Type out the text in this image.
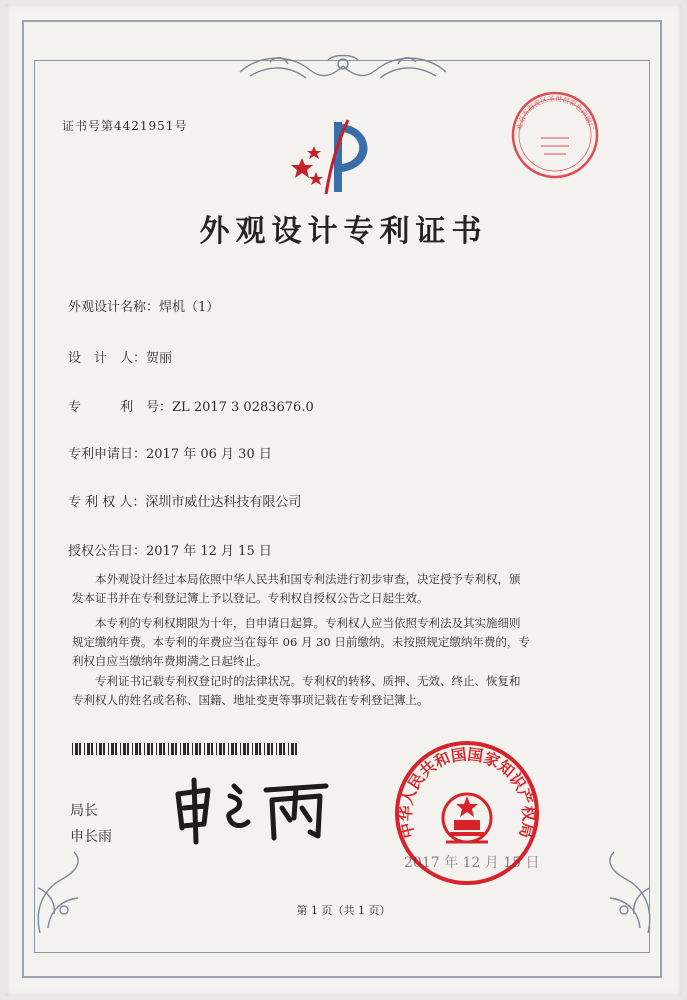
证书号第4421951号
外观设计专利证书
外观设计名称：焊机（1）
设　计　人：贺丽
专　　　利　号：ZL 2017 3 0283676.0
专利申请日：2017 年 06 月 30 日
专 利 权 人：深圳市威仕达科技有限公司
授权公告日：2017 年 12 月 15 日
　　本外观设计经过本局依照中华人民共和国专利法进行初步审查，决定授予专利权，颁
发本证书并在专利登记簿上予以登记。专利权自授权公告之日起生效。
　　本专利的专利权期限为十年，自申请日起算。专利权人应当依照专利法及其实施细则
规定缴纳年费。本专利的年费应当在每年 06 月 30 日前缴纳。未按照规定缴纳年费的，专
利权自应当缴纳年费期满之日起终止。
　　专利证书记载专利权登记时的法律状况。专利权的转移、质押、无效、终止、恢复和
专利权人的姓名或名称、国籍、地址变更等事项记载在专利登记簿上。
局长
申长雨
北京市海淀区圣世昌彩色印刷厂
中华人民共和国国家知识产权局
2017 年 12 月 15 日
第 1 页（共 1 页）
